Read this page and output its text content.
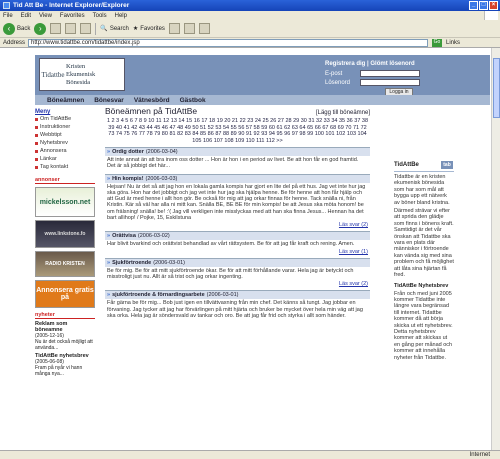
Tid Att Be - Internet Explorer/Explorer	_	□	×
File Edit View Favorites Tools Help
‹	Back	›	🔍 Search ★ Favorites
Address http://www.tidattbe.com/tidattbe/index.jsp	Go Links
Tidattbe
Kristen
Ekumenisk
Bönesida
Registrera dig | Glömt lösenord
E-post
Lösenord
Logga in
Böneämnen Bönesvar Vätnesbörd Gästbok
Meny
Om TidAttBe
Instruktioner
Webbtipt
Nyhetsbrev
Annonsera
Länkar
Tag kontakt
annonser
mickelsson.net
www.linkstone.fo
RADIO KRISTEN
Annonsera gratis på
nyheter
Reklam som böneamne
(2005-12-16)
Nu är det också möjligt att använda...
TidAttBe nyhetsbrev
(2005-06-08)
Fram på nyår vi hann många nya...
Böneämnen på TidAttBe	[Lägg till böneämne]
1 2 3 4 5 6 7 8 9 10 11 12 13 14 15 16 17 18 19 20 21 22 23 24 25 26 27 28 29 30 31 32 33 34 35 36 37 38 39 40 41 42 43 44 45 46 47 48 49 50 51 52 53 54 55 56 57 58 59 60 61 62 63 64 65 66 67 68 69 70 71 72 73 74 75 76 77 78 79 80 81 82 83 84 85 86 87 88 89 90 91 92 93 94 95 96 97 98 99 100 101 102 103 104 105 106 107 108 109 110 111 112 >>
» Ordig dotter (2006-03-04)
Att inte annat än att bra inom oss dotter ... Hon är hon i en period av livet. Be att hon får en god framtid. Det är så jobbigt det här...
» Hin kompis! (2006-03-03)
Hejsan! Nu är det så att jag hon en lokala gamla kompis har gjort en lite del på ett hus. Jag vet inte hur jag ska göra. Hon har det jobbigt och jag vet inte hur jag ska hjälpa henne. Be för henne att hon får hjälp och att Gud är med henne i allt hon gör. Be också för mig att jag orkar finnas för henne. Tack snälla ni, från Kristin. Kär så väl har alla ni mitt kan. Snälla BE, BE BE för min kompis! be att Jesus ska möta honom! be om frälsning! snälla! be! :'( Jag vill verkligen inte misslyckas med att han ska finna Jesus... Hennan ha det bart allihop! / Pojke, 15, Eskilstuna
Läs svar (2)
» Orättvisa (2006-03-02)
Har blivit bvarkind och orättvist behandlad av vårt rättsystem. Be för att jag får kraft och rening. Amen.
Läs svar (1)
» Sjukförtroende (2006-03-01)
Be för mig. Be för att mitt sjukförtroende ökar. Be för att mitt förhållande varar. Hela jag är betyckt och misstroligt just nu. Allt är så trist och jag orkar ingenting.
Läs svar (2)
» sjukförtroende & förnardingsarbete (2006-03-01)
Får gärna be för mig... Bob just igen en tillvättvaxning från min chef. Det känns så tungt. Jag jobbar en förvaning. Jag tycker att jag har förvärlingen på mitt hjärta och bruker be mycket över hela min väg att jag ska orka. Hela jag är söndersvald av tankar och oro. Be att jag får frid och styrka i allt som händer.
TidAttBe	tab

Tidattbe är en kristen ekumenisk bönesida som har som mål att bygga upp ett nätverk av böner bland kristna.

Därmed strävar vi efter att sprida den glädje som finns i bönens kraft. Samtidigt är det vår önskan att Tidattbe ska vara en plats där människor i förtroende kan vända sig med sina problem och få möjlighet att låta sina hjärtan få fred.

TidAttBe Nyhetsbrev

Från och med juni 2005 kommer Tidattbe inte längre vara begränsad till internet. Tidattbe kommer då att börja skicka ut ett nyhetsbrev. Detta nyhetsbrev kommer att skickas ut en gång per månad och kommer att innehålla nyheter från Tidattbe.

Internet
